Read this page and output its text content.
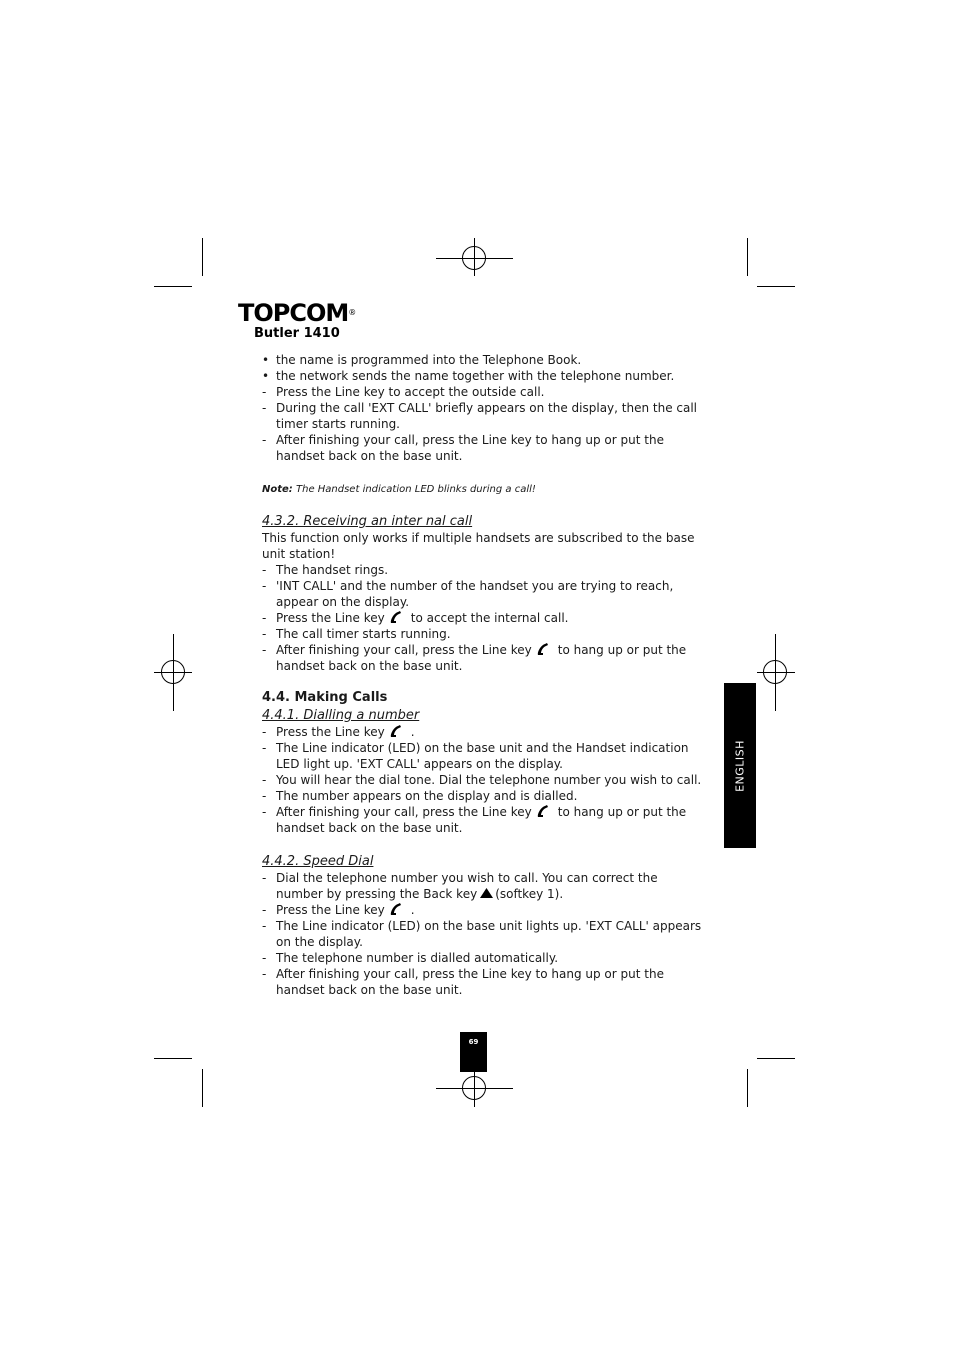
TOPCOM®
Butler 1410

• the name is programmed into the Telephone Book.

• the network sends the name together with the telephone number.

- Press the Line key to accept the outside call.

- During the call 'EXT CALL' briefly appears on the display, then the call timer starts running.

- After finishing your call, press the Line key to hang up or put the handset back on the base unit.

Note: The Handset indication LED blinks during a call!

4.3.2. Receiving an inter nal call

This function only works if multiple handsets are subscribed to the base unit station!

- The handset rings.

- 'INT CALL' and the number of the handset you are trying to reach, appear on the display.

- Press the Line key to accept the internal call.

- The call timer starts running.

- After finishing your call, press the Line key to hang up or put the handset back on the base unit.

4.4. Making Calls

4.4.1. Dialling a number

- Press the Line key .

- The Line indicator (LED) on the base unit and the Handset indication LED light up. 'EXT CALL' appears on the display.

- You will hear the dial tone. Dial the telephone number you wish to call.

- The number appears on the display and is dialled.

- After finishing your call, press the Line key to hang up or put the handset back on the base unit.

4.4.2. Speed Dial

- Dial the telephone number you wish to call. You can correct the number by pressing the Back key (softkey 1).

- Press the Line key .

- The Line indicator (LED) on the base unit lights up. 'EXT CALL' appears on the display.

- The telephone number is dialled automatically.

- After finishing your call, press the Line key to hang up or put the handset back on the base unit.

ENGLISH
69
